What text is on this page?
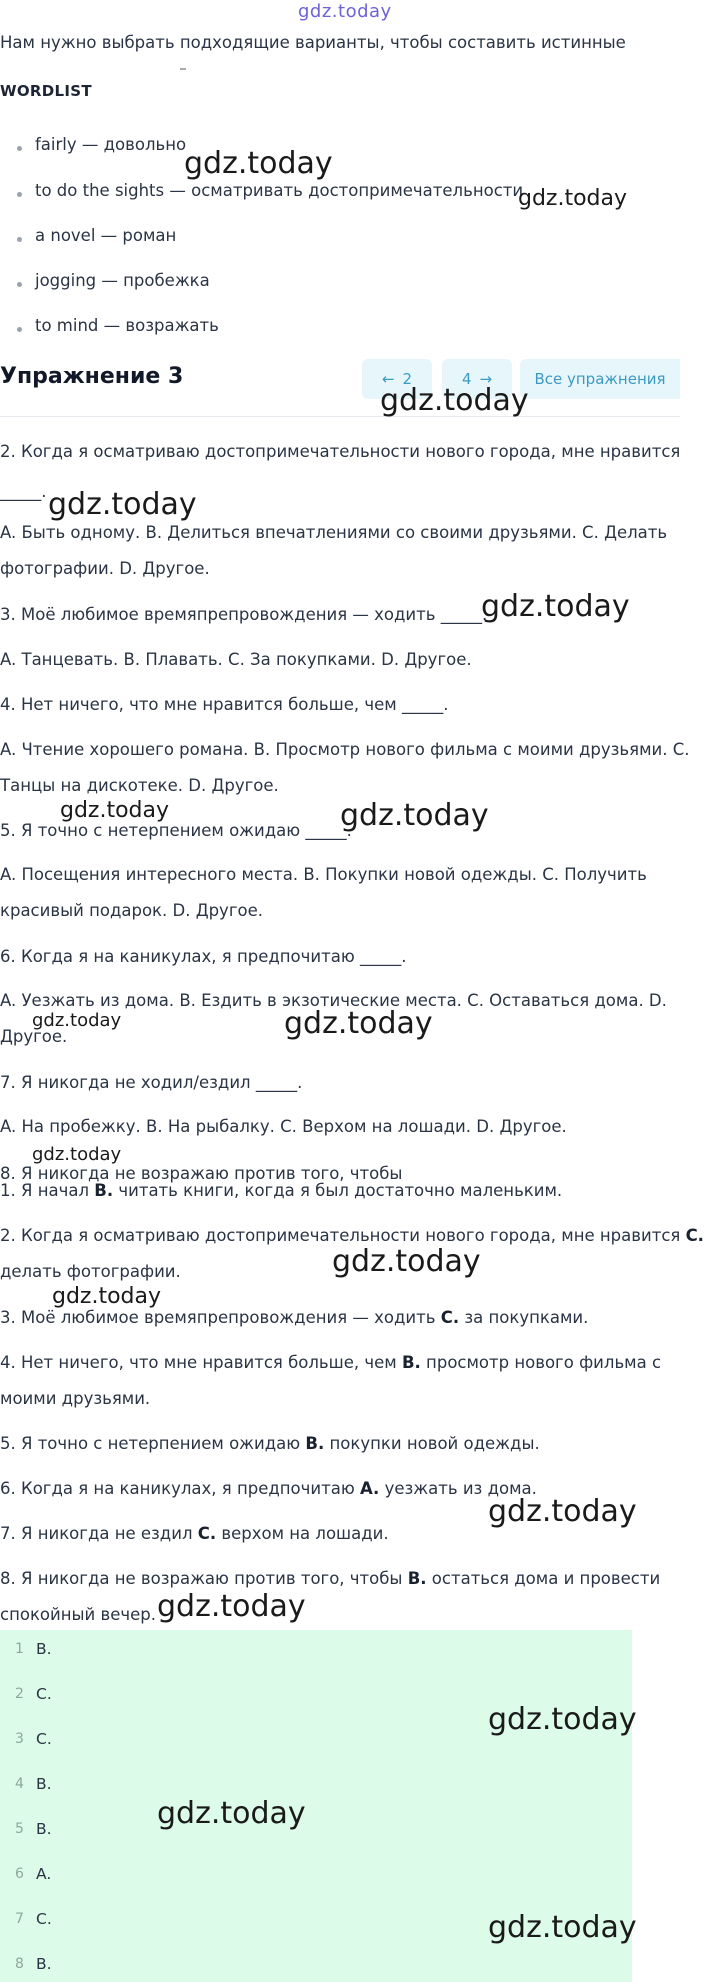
gdz.today
Нам нужно выбрать подходящие варианты, чтобы составить истинные
WORDLIST
fairly — довольно
to do the sights — осматривать достопримечательности
a novel — роман
jogging — пробежка
to mind — возражать
Упражнение 3	← 2	4 →	Все упражнения
2. Когда я осматриваю достопримечательности нового города, мне нравится
_____.
A. Быть одному. B. Делиться впечатлениями со своими друзьями. C. Делать
фотографии. D. Другое.
3. Моё любимое времяпрепровождения — ходить _____.
A. Танцевать. B. Плавать. C. За покупками. D. Другое.
4. Нет ничего, что мне нравится больше, чем _____.
A. Чтение хорошего романа. B. Просмотр нового фильма с моими друзьями. C.
Танцы на дискотеке. D. Другое.
5. Я точно с нетерпением ожидаю _____.
A. Посещения интересного места. B. Покупки новой одежды. C. Получить
красивый подарок. D. Другое.
6. Когда я на каникулах, я предпочитаю _____.
A. Уезжать из дома. B. Ездить в экзотические места. C. Оставаться дома. D.
Другое.
7. Я никогда не ходил/ездил _____.
A. На пробежку. B. На рыбалку. C. Верхом на лошади. D. Другое.
8. Я никогда не возражаю против того, чтобы
1. Я начал B. читать книги, когда я был достаточно маленьким.
2. Когда я осматриваю достопримечательности нового города, мне нравится C.
делать фотографии.
3. Моё любимое времяпрепровождения — ходить C. за покупками.
4. Нет ничего, что мне нравится больше, чем B. просмотр нового фильма с
моими друзьями.
5. Я точно с нетерпением ожидаю B. покупки новой одежды.
6. Когда я на каникулах, я предпочитаю A. уезжать из дома.
7. Я никогда не ездил C. верхом на лошади.
8. Я никогда не возражаю против того, чтобы B. остаться дома и провести
спокойный вечер.
1 B.
2 C.
3 C.
4 B.
5 B.
6 A.
7 C.
8 B.
gdz.today
gdz.today
gdz.today
gdz.today
gdz.today
gdz.today	gdz.today
gdz.today	gdz.today
gdz.today
gdz.today
gdz.today
gdz.today
gdz.today
gdz.today
gdz.today
gdz.today
